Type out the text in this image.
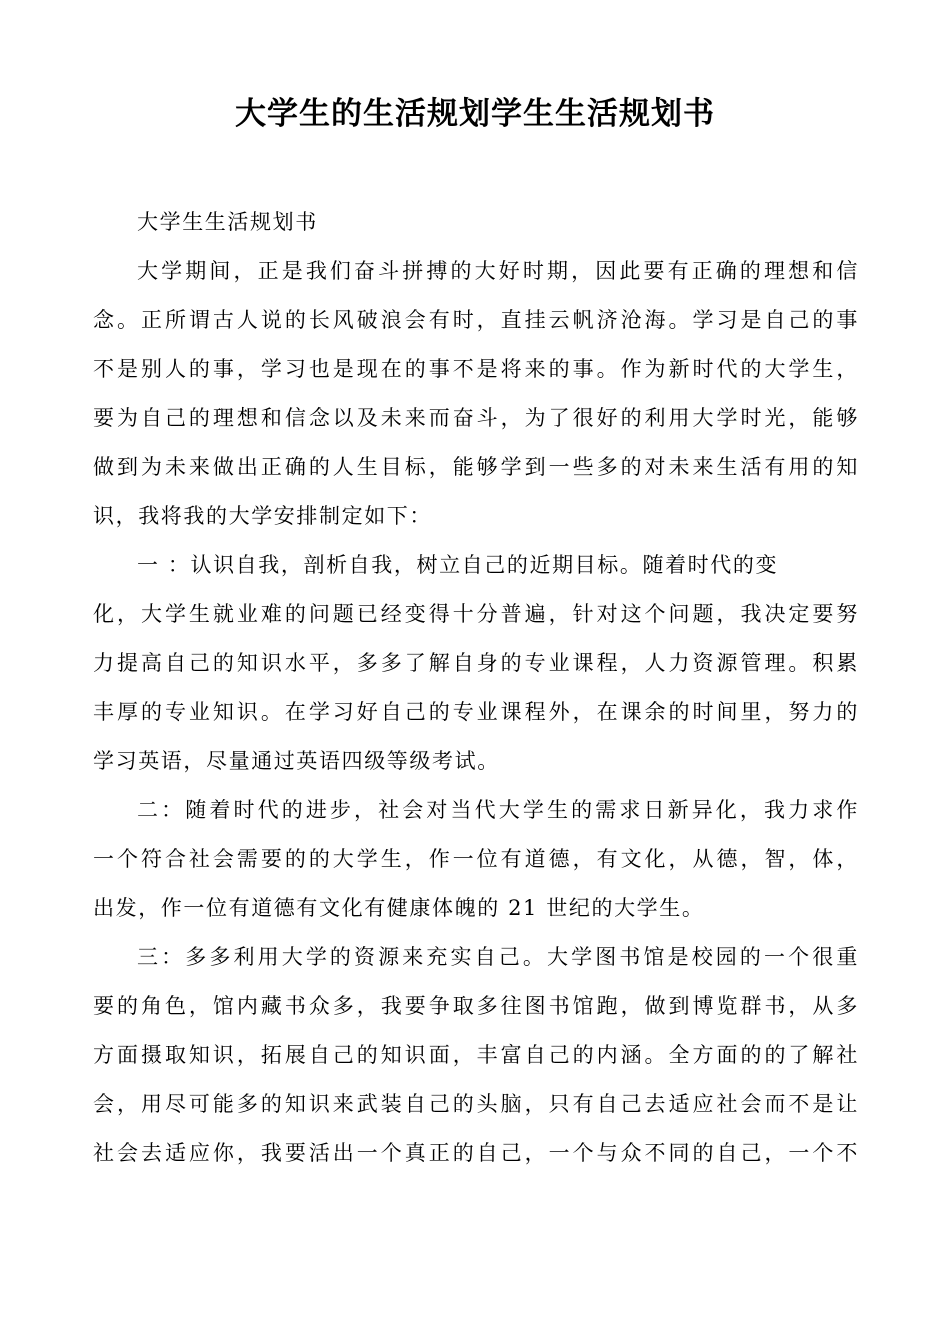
大学生的生活规划学生生活规划书
大学生生活规划书
大学期间，正是我们奋斗拼搏的大好时期，因此要有正确的理想和信
念。正所谓古人说的长风破浪会有时，直挂云帆济沧海。学习是自己的事
不是别人的事，学习也是现在的事不是将来的事。作为新时代的大学生，
要为自己的理想和信念以及未来而奋斗，为了很好的利用大学时光，能够
做到为未来做出正确的人生目标，能够学到一些多的对未来生活有用的知
识，我将我的大学安排制定如下：
一 ：认识自我，剖析自我，树立自己的近期目标。随着时代的变
化，大学生就业难的问题已经变得十分普遍，针对这个问题，我决定要努
力提高自己的知识水平，多多了解自身的专业课程，人力资源管理。积累
丰厚的专业知识。在学习好自己的专业课程外，在课余的时间里，努力的
学习英语，尽量通过英语四级等级考试。
二：随着时代的进步，社会对当代大学生的需求日新异化，我力求作
一个符合社会需要的的大学生，作一位有道德，有文化，从德，智，体，
出发，作一位有道德有文化有健康体魄的 21 世纪的大学生。
三：多多利用大学的资源来充实自己。大学图书馆是校园的一个很重
要的角色，馆内藏书众多，我要争取多往图书馆跑，做到博览群书，从多
方面摄取知识，拓展自己的知识面，丰富自己的内涵。全方面的的了解社
会，用尽可能多的知识来武装自己的头脑，只有自己去适应社会而不是让
社会去适应你，我要活出一个真正的自己，一个与众不同的自己，一个不
